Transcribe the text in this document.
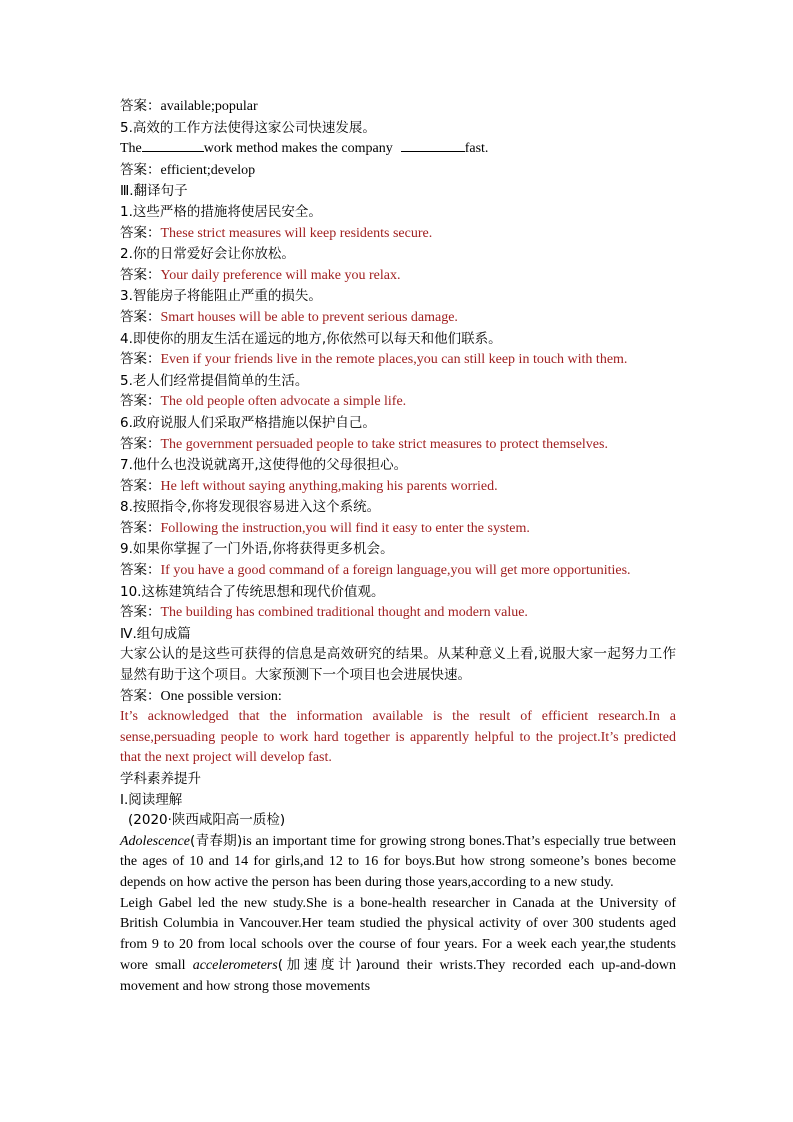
答案：available;popular
5.高效的工作方法使得这家公司快速发展。
The	work method makes the company	fast.
答案：efficient;develop
Ⅲ.翻译句子
1.这些严格的措施将使居民安全。
答案：These strict measures will keep residents secure.
2.你的日常爱好会让你放松。
答案：Your daily preference will make you relax.
3.智能房子将能阻止严重的损失。
答案：Smart houses will be able to prevent serious damage.
4.即使你的朋友生活在遥远的地方,你依然可以每天和他们联系。
答案：Even if your friends live in the remote places,you can still keep in touch with them.
5.老人们经常提倡简单的生活。
答案：The old people often advocate a simple life.
6.政府说服人们采取严格措施以保护自己。
答案：The government persuaded people to take strict measures to protect themselves.
7.他什么也没说就离开,这使得他的父母很担心。
答案：He left without saying anything,making his parents worried.
8.按照指令,你将发现很容易进入这个系统。
答案：Following the instruction,you will find it easy to enter the system.
9.如果你掌握了一门外语,你将获得更多机会。
答案：If you have a good command of a foreign language,you will get more opportunities.
10.这栋建筑结合了传统思想和现代价值观。
答案：The building has combined traditional thought and modern value.
Ⅳ.组句成篇
大家公认的是这些可获得的信息是高效研究的结果。从某种意义上看,说服大家一起努力工作显然有助于这个项目。大家预测下一个项目也会进展快速。
答案：One possible version:
It’s acknowledged that the information available is the result of efficient research.In a sense,persuading people to work hard together is apparently helpful to the project.It’s predicted that the next project will develop fast.
学科素养提升
Ⅰ.阅读理解
(2020·陕西咸阳高一质检)
Adolescence(青春期)is an important time for growing strong bones.That’s especially true between the ages of 10 and 14 for girls,and 12 to 16 for boys.But how strong someone’s bones become depends on how active the person has been during those years,according to a new study.
Leigh Gabel led the new study.She is a bone-health researcher in Canada at the University of British Columbia in Vancouver.Her team studied the physical activity of over 300 students aged from 9 to 20 from local schools over the course of four years. For a week each year,the students wore small accelerometers(加速度计)around their wrists.They recorded each up-and-down movement and how strong those movements
